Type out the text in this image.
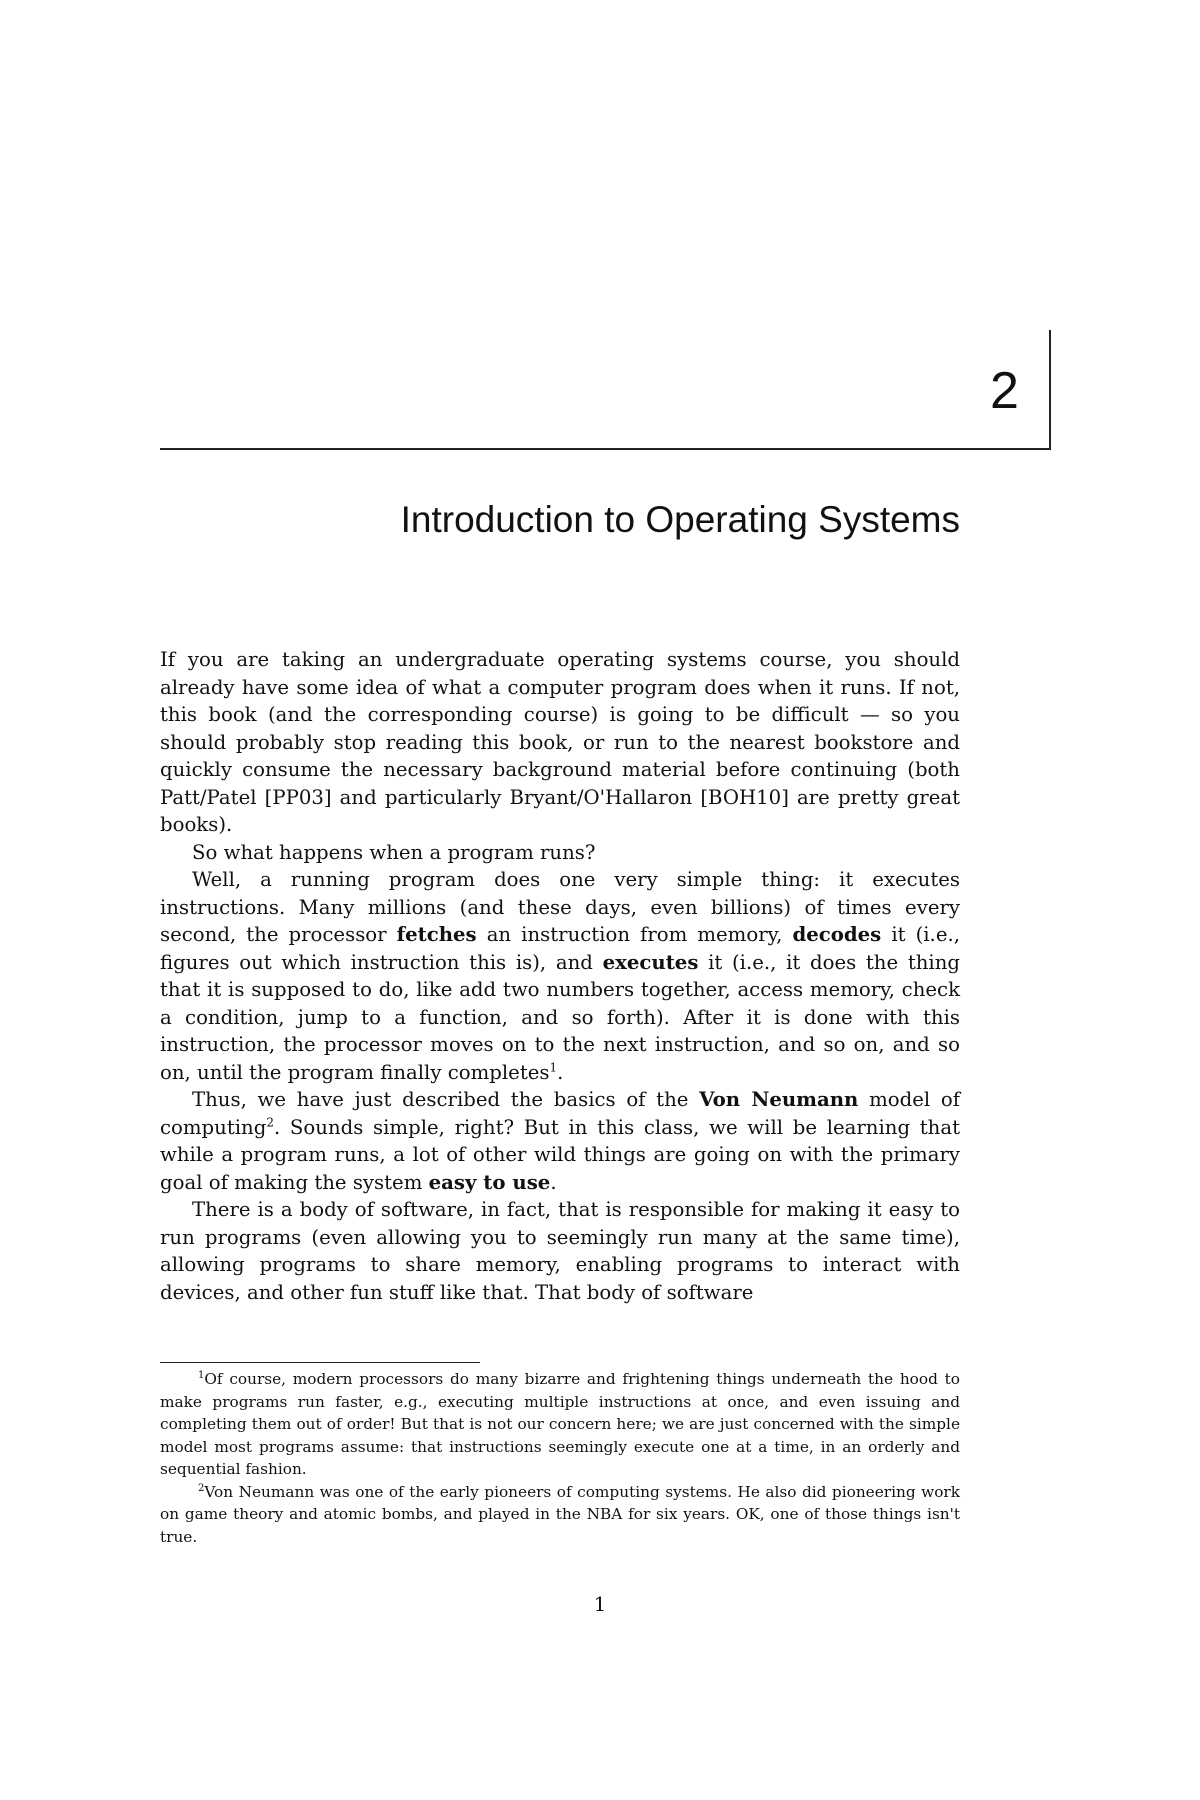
2
Introduction to Operating Systems

If you are taking an undergraduate operating systems course, you should already have some idea of what a computer program does when it runs. If not, this book (and the corresponding course) is going to be difficult — so you should probably stop reading this book, or run to the nearest bookstore and quickly consume the necessary background material before continuing (both Patt/Patel [PP03] and particularly Bryant/O'Hallaron [BOH10] are pretty great books).

So what happens when a program runs?

Well, a running program does one very simple thing: it executes instructions. Many millions (and these days, even billions) of times every second, the processor fetches an instruction from memory, decodes it (i.e., figures out which instruction this is), and executes it (i.e., it does the thing that it is supposed to do, like add two numbers together, access memory, check a condition, jump to a function, and so forth). After it is done with this instruction, the processor moves on to the next instruction, and so on, and so on, until the program finally completes$^1$.

Thus, we have just described the basics of the Von Neumann model of computing$^2$. Sounds simple, right? But in this class, we will be learning that while a program runs, a lot of other wild things are going on with the primary goal of making the system easy to use.

There is a body of software, in fact, that is responsible for making it easy to run programs (even allowing you to seemingly run many at the same time), allowing programs to share memory, enabling programs to interact with devices, and other fun stuff like that. That body of software

$^1$Of course, modern processors do many bizarre and frightening things underneath the hood to make programs run faster, e.g., executing multiple instructions at once, and even issuing and completing them out of order! But that is not our concern here; we are just concerned with the simple model most programs assume: that instructions seemingly execute one at a time, in an orderly and sequential fashion.

$^2$Von Neumann was one of the early pioneers of computing systems. He also did pioneering work on game theory and atomic bombs, and played in the NBA for six years. OK, one of those things isn't true.

1
